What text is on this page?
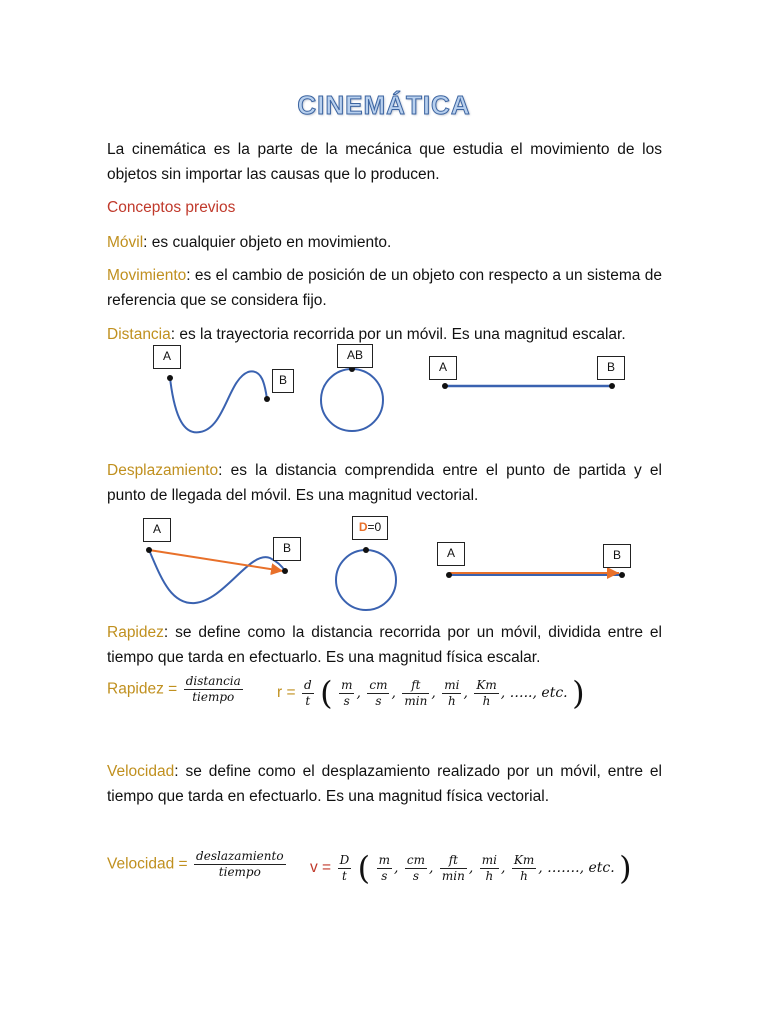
CINEMÁTICA
La cinemática es la parte de la mecánica que estudia el movimiento de los objetos sin importar las causas que lo producen.
Conceptos previos
Móvil: es cualquier objeto en movimiento.
Movimiento: es el cambio de posición de un objeto con respecto a un sistema de referencia que se considera fijo.
Distancia: es la trayectoria recorrida por un móvil. Es una magnitud escalar.
A
B
AB
A	B
Desplazamiento: es la distancia comprendida entre el punto de partida y el punto de llegada del móvil. Es una magnitud vectorial.
A
B
D=0
A	B
Rapidez: se define como la distancia recorrida por un móvil, dividida entre el tiempo que tarda en efectuarlo. Es una magnitud física escalar.
Rapidez = $\frac{\text{distancia}}{\text{tiempo}}$ $r = \frac{d}{t}$ ( $\frac{m}{s}$ , $\frac{cm}{s}$ , $\frac{ft}{\min}$ , $\frac{mi}{h}$ , $\frac{Km}{h}$ , ….., etc. )
Velocidad: se define como el desplazamiento realizado por un móvil, entre el tiempo que tarda en efectuarlo. Es una magnitud física vectorial.
Velocidad = $\frac{\text{deslazamiento}}{\text{tiempo}}$ $v = \frac{D}{t}$ ( $\frac{m}{s}$ , $\frac{cm}{s}$ , $\frac{ft}{\min}$ , $\frac{mi}{h}$ , $\frac{Km}{h}$ , ……., etc. )
